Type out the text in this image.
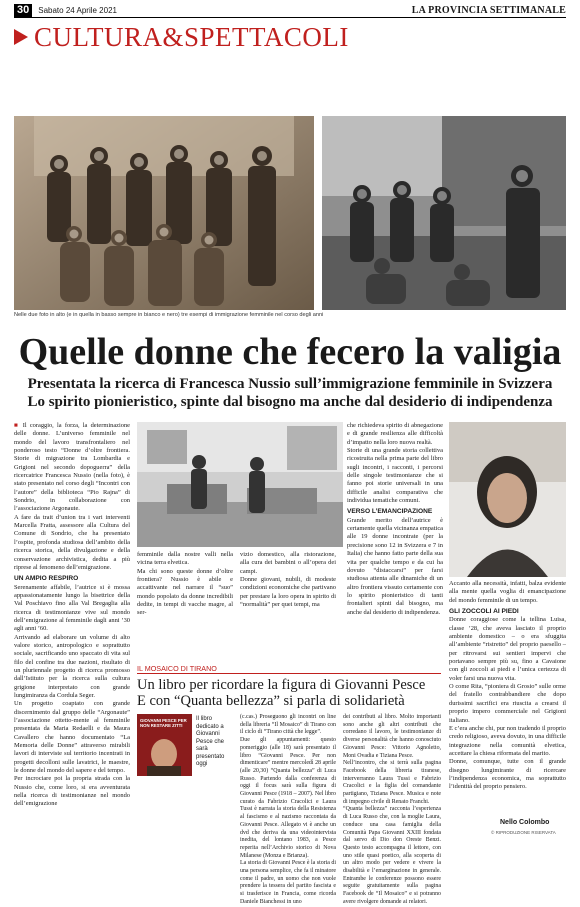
30	Sabato 24 Aprile 2021	LA PROVINCIA SETTIMANALE
CULTURA&SPETTACOLI
Nelle due foto in alto (e in quella in basso sempre in bianco e nero) tre esempi di immigrazione femminile nel corso degli anni
Quelle donne che fecero la valigia
Presentata la ricerca di Francesca Nussio sull’immigrazione femminile in Svizzera
Lo spirito pionieristico, spinte dal bisogno ma anche dal desiderio di indipendenza

■ Il coraggio, la forza, la determinazione delle donne. L’universo femminile nel mondo del lavoro transfrontaliero nel ponderoso testo “Donne d’oltre frontiera. Storie di migrazione tra Lombardia e Grigioni nel secondo dopoguerra” della ricercatrice Francesca Nussio (nella foto), è stato presentato nel corso degli “Incontri con l’autore” della biblioteca “Pio Rajna” di Sondrio, in collaborazione con l’associazione Argonaute.

A fare da trait d’union tra i vari interventi Marcella Fratta, assessore alla Cultura del Comune di Sondrio, che ha presentato l’ospite, profonda studiosa dell’ambito della ricerca storica, della divulgazione e della conservazione archivistica, dedita a più riprese al fenomeno dell’emigrazione.

UN AMPIO RESPIRO

Serenamente affabile, l’autrice si è mossa appassionatamente lungo la bisettrice della Val Poschiavo fino alla Val Bregaglia alla ricerca di testimonianze vive sul mondo dell’emigrazione al femminile dagli anni ’30 agli anni ’60.

Arrivando ad elaborare un volume di alto valore storico, antropologico e soprattutto sociale, sacrificando uno spaccato di vita sul filo del confine tra due nazioni, risultato di un pluriennale progetto di ricerca promosso dall’Istituto per la ricerca sulla cultura grigione interpretato con grande lungimiranza da Cordula Seger.

Un progetto coaptato con grande discernimento dal gruppo delle “Argonaute” l’associazione ottetto-mente al femminile presentata da Maria Redaelli e da Maura Cavallero che hanno documentato “La Memoria delle Donne” attraverso mirabili lavori di interviste sul territorio incentrati in progetti decolloni sulle lavatrici, le maestre, le donne del mondo del sapere e del tempo.

Per incrociare poi la propria strada con la Nussio che, come loro, si era avventurata nella ricerca di testimonianze nel mondo dell’emigrazione

femminile dalla nostre valli nella vicina terra elvetica.

Ma chi sono queste donne d’oltre frontiera? Nussio è abile e accattivante nel narrare il “suo” mondo popolato da donne incredibili dedite, in tempi di vacche magre, al ser-

vizio domestico, alla ristorazione, alla cura dei bambini o all’opera dei campi.

Donne giovani, nubili, di modeste condizioni economiche che partivano per prestare la loro opera in spirito di “normalità” per quei tempi, ma

che richiedeva spirito di abnegazione e di grande resilienza alle difficoltà d’impatto nella loro nuova realtà.

Storie di una grande storia collettiva ricostruita nella prima parte del libro sugli incontri, i racconti, i percorsi delle singole testimonianze che si fanno poi storie universali in una difficile analisi comparativa che individua tematiche comuni.

VERSO L’EMANCIPAZIONE

Grande merito dell’autrice è certamente quella vicinanza empatica alle 19 donne incontrate (per la precisione sono 12 in Svizzera e 7 in Italia) che hanno fatto parte della sua vita per qualche tempo e da cui ha dovuto “distaccarsi” per farsi studiosa attenta alle dinamiche di un altro frontiera vissuto certamente con lo spirito pionieristico di tanti frontalieri spinti dal bisogno, ma anche dal desiderio di indipendenza.

Accanto alla necessità, infatti, balza evidente alla mente quella voglia di emancipazione del mondo femminile di un tempo.

GLI ZOCCOLI AI PIEDI

Donne coraggiose come la tellina Luisa, classe ’28, che aveva lasciato il proprio ambiente domestico – o era sfuggita all’ambiente “ristretto” del proprio paesello – per ritrovarsi sui sentieri impervi che portavano sempre più su, fino a Cavaione con gli zoccoli ai piedi e l’unica certezza di voler farsi una nuova vita.

O come Rita, “pioniera di Grosio” sulle orme del fratello contrabbandiere che dopo durissimi sacrifici era riuscita a crearsi il proprio impero commerciale nel Grigioni italiano.

E c’era anche chi, pur non tradendo il proprio credo religioso, aveva dovuto, in una difficile integrazione nella comunità elvetica, accettare la chiesa riformata del marito.

Donne, comunque, tutte con il grande disegno lungimirante di ricercare l’indipendenza economica, ma soprattutto l’identità del proprio pensiero.

Nello Colombo
© RIPRODUZIONE RISERVATA
IL MOSAICO DI TIRANO
Un libro per ricordare la figura di Giovanni Pesce
E con “Quanta bellezza” si parla di solidarietà
GIOVANNI PESCE PER NON RESTARE ZITTI
Il libro dedicato a Giovanni Pesce che sarà presentato oggi

(c.cas.) Proseguono gli incontri on line della libreria “Il Mosaico” di Tirano con il ciclo di “Tirano città che legge”.

Due gli appuntamenti: questo pomeriggio (alle 18) sarà presentato il libro “Giovanni Pesce. Per non dimenticare” mentre mercoledì 28 aprile (alle 20,30) “Quanta bellezza” di Luca Russo. Partendo dalla conferenza di oggi il focus sarà sulla figura di Giovanni Pesce (1918 – 2007). Nel libro curato da Fabrizio Cracolici e Laura Tussi è narrata la storia della Resistenza al fascismo e al nazismo raccontata da Giovanni Pesce. Allegato vi è anche un dvd che deriva da una videointervista inedita, del lontano 1983, a Pesce reperita nell’Archivio storico di Nova Milanese (Monza e Brianza).

La storia di Giovanni Pesce è la storia di una persona semplice, che fa il minatore come il padre, un uomo che non vuole prendere la tessera del partito fascista e si trasferisce in Francia, come ricorda Daniele Bianchessi in uno

dei contributi al libro. Molto importanti sono anche gli altri contributi che corredano il lavoro, le testimonianze di diverse personalità che hanno conosciuto Giovanni Pesce: Vittorio Agnoletto, Moni Ovadia e Tiziana Pesce.

Nell’incontro, che si terrà sulla pagina Facebook della libreria tiranese, interverranno Laura Tussi e Fabrizio Cracolici e la figlia del comandante partigiano, Tiziana Pesce. Musica e note di impegno civile di Renato Franchi.

“Quanta bellezza” racconta l’esperienza di Luca Russo che, con la moglie Laura, conduce una casa famiglia della Comunità Papa Giovanni XXIII fondata dal servo di Dio don Oreste Benzi. Questo testo accompagna il lettore, con uno stile quasi poetico, alla scoperta di un altro modo per vedere e vivere la disabilità e l’emarginazione in generale. Entrambe le conferenze possono essere seguite gratuitamente sulla pagina Facebook de “Il Mosaico” e si potranno avere rivolgere domande ai relatori.
